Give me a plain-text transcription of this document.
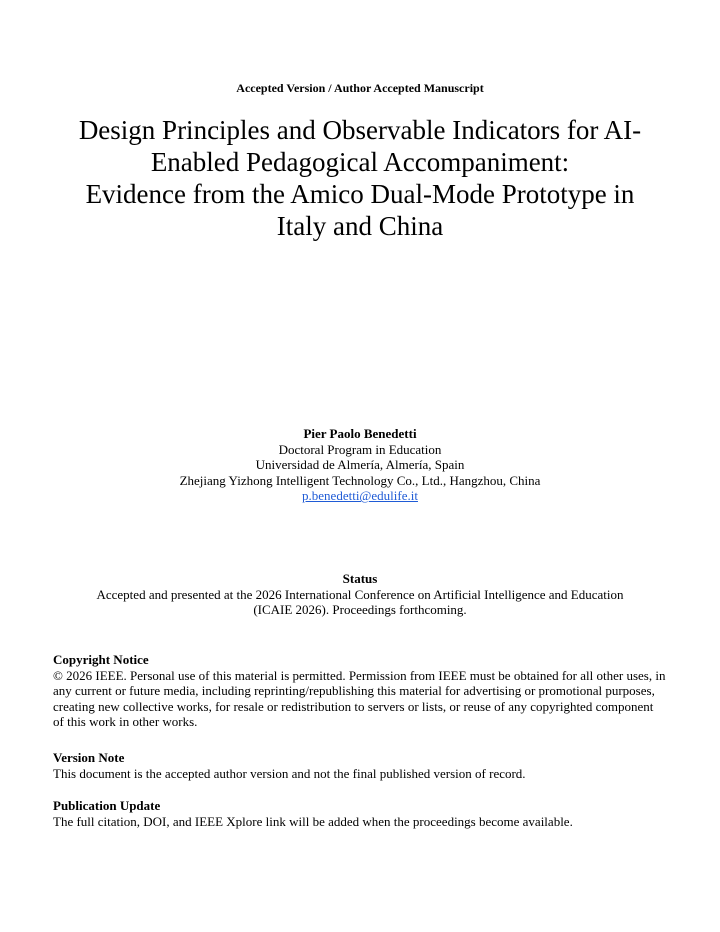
Accepted Version / Author Accepted Manuscript
Design Principles and Observable Indicators for AI-
Enabled Pedagogical Accompaniment:
Evidence from the Amico Dual-Mode Prototype in
Italy and China
Pier Paolo Benedetti
Doctoral Program in Education
Universidad de Almería, Almería, Spain
Zhejiang Yizhong Intelligent Technology Co., Ltd., Hangzhou, China
p.benedetti@edulife.it
Status
Accepted and presented at the 2026 International Conference on Artificial Intelligence and Education
(ICAIE 2026). Proceedings forthcoming.
Copyright Notice
© 2026 IEEE. Personal use of this material is permitted. Permission from IEEE must be obtained for all other uses, in any current or future media, including reprinting/republishing this material for advertising or promotional purposes, creating new collective works, for resale or redistribution to servers or lists, or reuse of any copyrighted component of this work in other works.
Version Note
This document is the accepted author version and not the final published version of record.
Publication Update
The full citation, DOI, and IEEE Xplore link will be added when the proceedings become available.
